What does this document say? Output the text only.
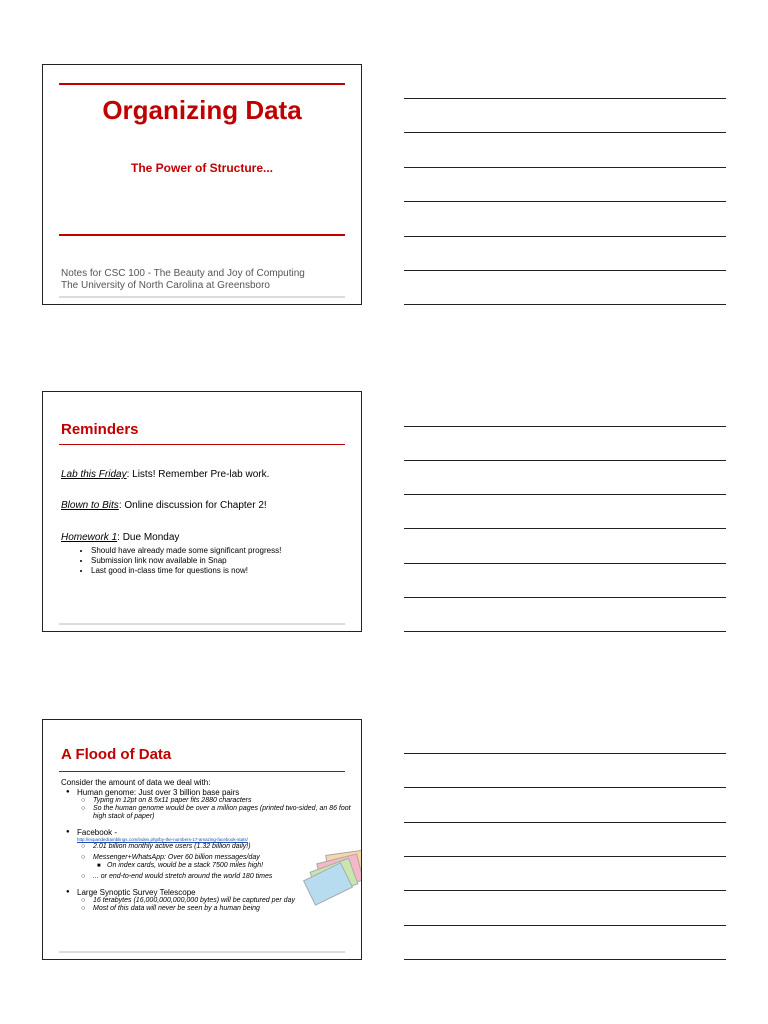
Organizing Data
The Power of Structure...
Notes for CSC 100 - The Beauty and Joy of Computing
The University of North Carolina at Greensboro
Reminders
Lab this Friday: Lists! Remember Pre-lab work.
Blown to Bits: Online discussion for Chapter 2!
Homework 1: Due Monday
• Should have already made some significant progress!
• Submission link now available in Snap
• Last good in-class time for questions is now!
A Flood of Data
Consider the amount of data we deal with:
● Human genome: Just over 3 billion base pairs
○ Typing in 12pt on 8.5x11 paper fits 2880 characters
○ So the human genome would be over a million pages (printed two-sided, an 86 foot high stack of paper)
● Facebook -
http://expandedramblings.com/index.php/by-the-numbers-17-amazing-facebook-stats/
○ 2.01 billion monthly active users (1.32 billion daily!)
○ Messenger+WhatsApp: Over 60 billion messages/day
■ On index cards, would be a stack 7500 miles high!
○ ... or end-to-end would stretch around the world 180 times
● Large Synoptic Survey Telescope
○ 16 terabytes (16,000,000,000,000 bytes) will be captured per day
○ Most of this data will never be seen by a human being
